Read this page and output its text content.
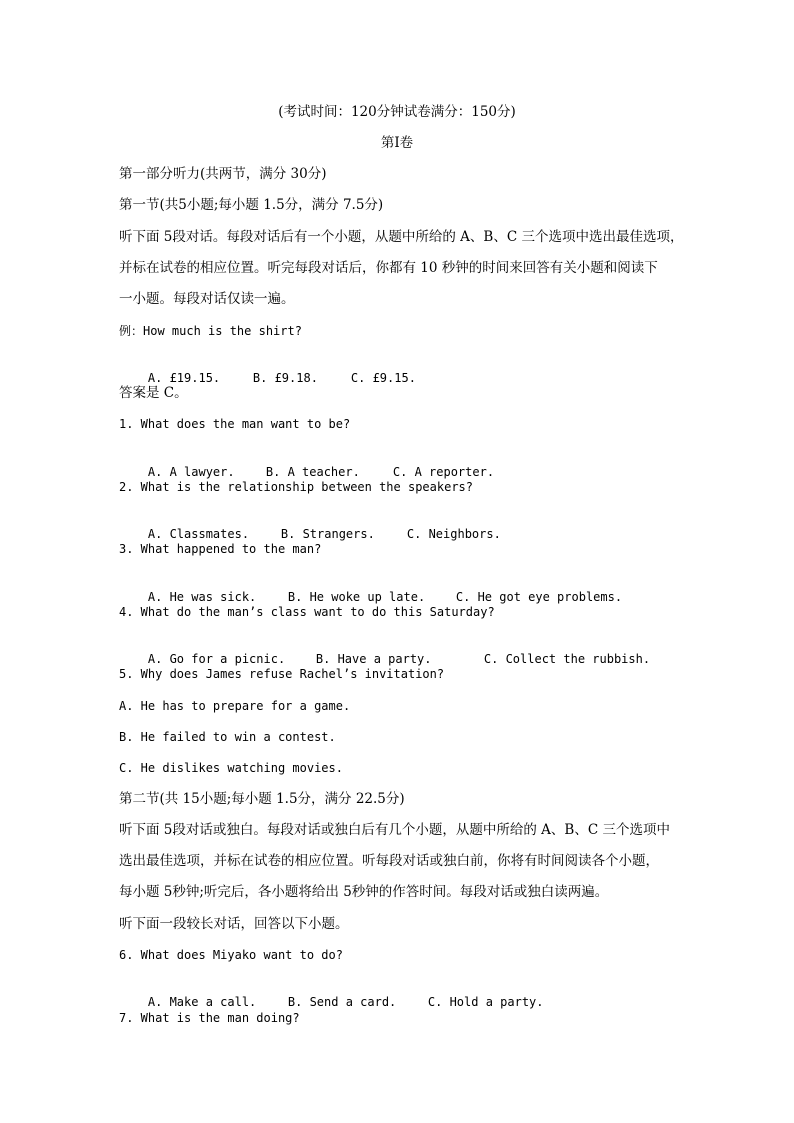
(考试时间：120分钟试卷满分：150分)
第I卷
第一部分听力(共两节，满分 30分)
第一节(共5小题;每小题 1.5分，满分 7.5分)
听下面 5段对话。每段对话后有一个小题，从题中所给的 A、B、C 三个选项中选出最佳选项，
并标在试卷的相应位置。听完每段对话后，你都有 10 秒钟的时间来回答有关小题和阅读下
一小题。每段对话仅读一遍。
例：How much is the shirt?

A. £19.15.	B. £9.18.	C. £9.15.

答案是 C。
1. What does the man want to be?

A. A lawyer.	B. A teacher.	C. A reporter.

2. What is the relationship between the speakers?

A. Classmates.	B. Strangers.	C. Neighbors.

3. What happened to the man?

A. He was sick.	B. He woke up late.	C. He got eye problems.

4. What do the man’s class want to do this Saturday?

A. Go for a picnic.	B. Have a party.	C. Collect the rubbish.

5. Why does James refuse Rachel’s invitation?
A. He has to prepare for a game.
B. He failed to win a contest.
C. He dislikes watching movies.
第二节(共 15小题;每小题 1.5分，满分 22.5分)
听下面 5段对话或独白。每段对话或独白后有几个小题，从题中所给的 A、B、C 三个选项中
选出最佳选项，并标在试卷的相应位置。听每段对话或独白前，你将有时间阅读各个小题，
每小题 5秒钟;听完后，各小题将给出 5秒钟的作答时间。每段对话或独白读两遍。
听下面一段较长对话，回答以下小题。
6. What does Miyako want to do?

A. Make a call.	B. Send a card.	C. Hold a party.

7. What is the man doing?
